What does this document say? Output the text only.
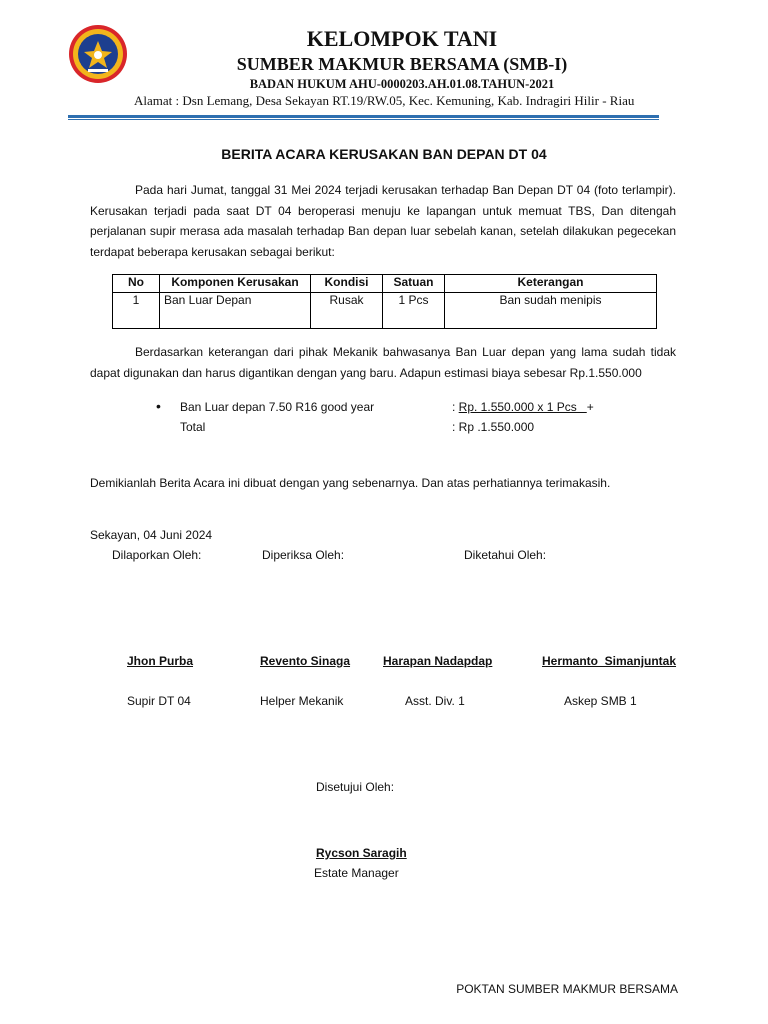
KELOMPOK TANI
SUMBER MAKMUR BERSAMA (SMB-I)
BADAN HUKUM AHU-0000203.AH.01.08.TAHUN-2021
Alamat : Dsn Lemang, Desa Sekayan RT.19/RW.05, Kec. Kemuning, Kab. Indragiri Hilir - Riau
BERITA ACARA KERUSAKAN BAN DEPAN DT 04
Pada hari Jumat, tanggal 31 Mei 2024 terjadi kerusakan terhadap Ban Depan DT 04 (foto terlampir). Kerusakan terjadi pada saat DT 04 beroperasi menuju ke lapangan untuk memuat TBS, Dan ditengah perjalanan supir merasa ada masalah terhadap Ban depan luar sebelah kanan, setelah dilakukan pegecekan terdapat beberapa kerusakan sebagai berikut:
No	Komponen Kerusakan	Kondisi	Satuan	Keterangan
1	Ban Luar Depan	Rusak	1 Pcs	Ban sudah menipis
Berdasarkan keterangan dari pihak Mekanik bahwasanya Ban Luar depan yang lama sudah tidak dapat digunakan dan harus digantikan dengan yang baru. Adapun estimasi biaya sebesar Rp.1.550.000
• Ban Luar depan 7.50 R16 good year	: Rp. 1.550.000 x 1 Pcs   +
Total	: Rp .1.550.000
Demikianlah Berita Acara ini dibuat dengan yang sebenarnya. Dan atas perhatiannya terimakasih.
Sekayan, 04 Juni 2024
Dilaporkan Oleh:	Diperiksa Oleh:	Diketahui Oleh:
Jhon Purba
Supir DT 04
Revento Sinaga
Helper Mekanik
Harapan Nadapdap
Asst. Div. 1
Hermanto  Simanjuntak
Askep SMB 1
Disetujui Oleh:
Rycson Saragih
Estate Manager
POKTAN SUMBER MAKMUR BERSAMA
